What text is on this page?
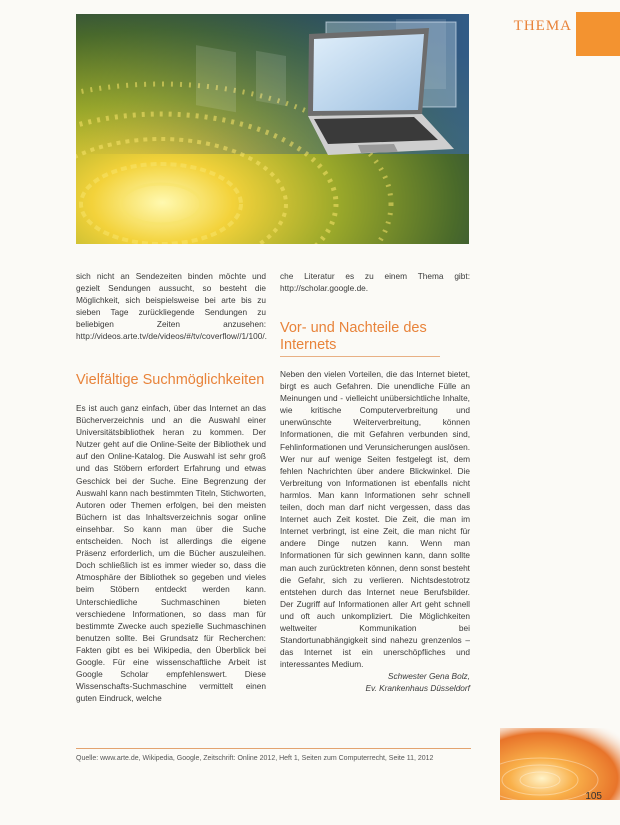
THEMA

sich nicht an Sendezeiten binden möchte und gezielt Sendungen aussucht, so besteht die Möglichkeit, sich beispielsweise bei arte bis zu sieben Tage zurückliegende Sendungen zu beliebigen Zeiten anzusehen: http://videos.arte.tv/de/videos/#/tv/coverflow//1/100/.

Vielfältige Suchmöglichkeiten

Es ist auch ganz einfach, über das Internet an das Bücherverzeichnis und an die Auswahl einer Universitätsbibliothek heran zu kommen. Der Nutzer geht auf die Online-Seite der Bibliothek und auf den Online-Katalog. Die Auswahl ist sehr groß und das Stöbern erfordert Erfahrung und etwas Geschick bei der Suche. Eine Begrenzung der Auswahl kann nach bestimmten Titeln, Stichworten, Autoren oder Themen erfolgen, bei den meisten Büchern ist das Inhaltsverzeichnis sogar online einsehbar. So kann man über die Suche entscheiden. Noch ist allerdings die eigene Präsenz erforderlich, um die Bücher auszuleihen. Doch schließlich ist es immer wieder so, dass die Atmosphäre der Bibliothek so gegeben und vieles beim Stöbern entdeckt werden kann. Unterschiedliche Suchmaschinen bieten verschiedene Informationen, so dass man für bestimmte Zwecke auch spezielle Suchmaschinen benutzen sollte. Bei Grundsatz für Recherchen: Fakten gibt es bei Wikipedia, den Überblick bei Google. Für eine wissenschaftliche Arbeit ist Google Scholar empfehlenswert. Diese Wissenschafts-Suchmaschine vermittelt einen guten Eindruck, welche

che Literatur es zu einem Thema gibt: http://scholar.google.de.

Vor- und Nachteile des Internets

Neben den vielen Vorteilen, die das Internet bietet, birgt es auch Gefahren. Die unendliche Fülle an Meinungen und - vielleicht unübersichtliche Inhalte, wie kritische Computerverbreitung und unerwünschte Weiterverbreitung, können Informationen, die mit Gefahren verbunden sind, Fehlinformationen und Verunsicherungen auslösen. Wer nur auf wenige Seiten festgelegt ist, dem fehlen Nachrichten über andere Blickwinkel. Die Verbreitung von Informationen ist ebenfalls nicht harmlos. Man kann Informationen sehr schnell teilen, doch man darf nicht vergessen, dass das Internet auch Zeit kostet. Die Zeit, die man im Internet verbringt, ist eine Zeit, die man nicht für andere Dinge nutzen kann. Wenn man Informationen für sich gewinnen kann, dann sollte man auch zurücktreten können, denn sonst besteht die Gefahr, sich zu verlieren. Nichtsdestotrotz entstehen durch das Internet neue Berufsbilder. Der Zugriff auf Informationen aller Art geht schnell und oft auch unkompliziert. Die Möglichkeiten weltweiter Kommunikation bei Standortunabhängigkeit sind nahezu grenzenlos – das Internet ist ein unerschöpfliches und interessantes Medium.

Schwester Gena Bolz,

Ev. Krankenhaus Düsseldorf

Quelle: www.arte.de, Wikipedia, Google, Zeitschrift: Online 2012, Heft 1, Seiten zum Computerrecht, Seite 11, 2012
105
